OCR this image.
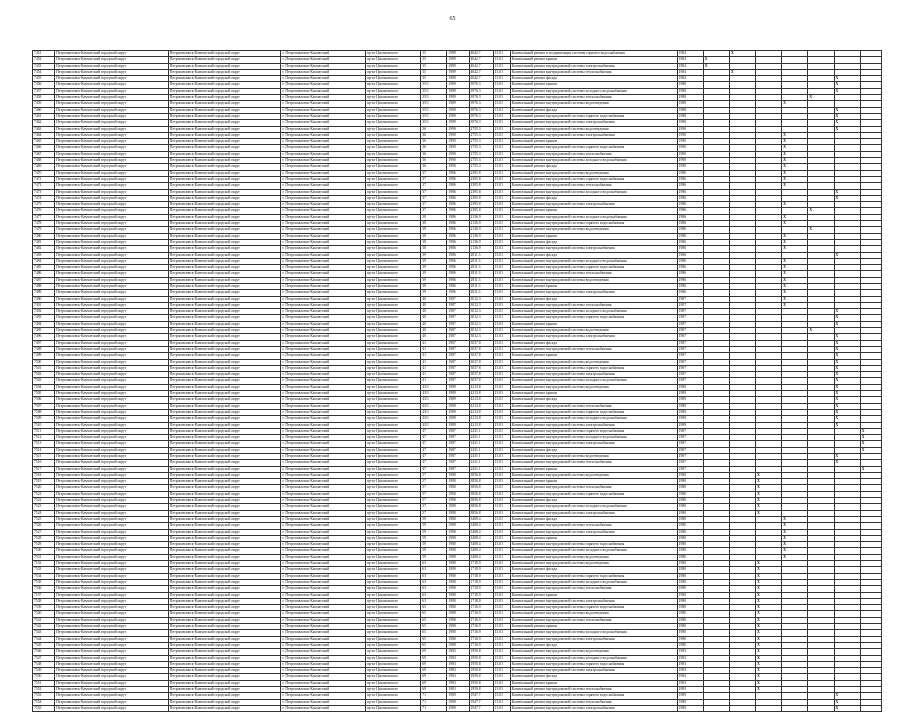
65
7451	Петропавловск-Камчатский городской округ	Петропавловск-Камчатский городской округ	г. Петропавловск-Камчатский	пр-кт Циолковского	35	1989	4042.7	13.01	Капитальный ремонт и модернизация системы горячего водоснабжения	1984		X					
7452	Петропавловск-Камчатский городской округ	Петропавловск-Камчатский городской округ	г. Петропавловск-Камчатский	пр-кт Циолковского	35	1989	4042.7	13.01	Капитальный ремонт крыши	1984	X						
7453	Петропавловск-Камчатский городской округ	Петропавловск-Камчатский городской округ	г. Петропавловск-Камчатский	пр-кт Циолковского	35	1989	4042.7	13.01	Капитальный ремонт внутридомовой системы электроснабжения	1984	X						
7454	Петропавловск-Камчатский городской округ	Петропавловск-Камчатский городской округ	г. Петропавловск-Камчатский	пр-кт Циолковского	35	1989	4042.7	13.01	Капитальный ремонт внутридомовой системы теплоснабжения	1984		X					
7455	Петропавловск-Камчатский городской округ	Петропавловск-Камчатский городской округ	г. Петропавловск-Камчатский	пр-кт Циолковского	35	1989	4042.7	13.01	Капитальный ремонт фасада	1984						X	
7456	Петропавловск-Камчатский городской округ	Петропавловск-Камчатский городской округ	г. Петропавловск-Камчатский	пр-кт Циолковского	35/1	1989	3976.3	13.01	Капитальный ремонт крыши	1988						X	
7457	Петропавловск-Камчатский городской округ	Петропавловск-Камчатский городской округ	г. Петропавловск-Камчатский	пр-кт Циолковского	35/1	1989	3976.3	13.01	Капитальный ремонт внутридомовой системы холодного водоснабжения	1988						X	
7458	Петропавловск-Камчатский городской округ	Петропавловск-Камчатский городской округ	г. Петропавловск-Камчатский	пр-кт Циолковского	35/1	1989	3976.3	13.01	Капитальный ремонт внутридомовой системы теплоснабжения	1988					X		
7459	Петропавловск-Камчатский городской округ	Петропавловск-Камчатский городской округ	г. Петропавловск-Камчатский	пр-кт Циолковского	35/1	1989	3976.3	13.01	Капитальный ремонт внутридомовой системы водоотведения	1988				X			
7460	Петропавловск-Камчатский городской округ	Петропавловск-Камчатский городской округ	г. Петропавловск-Камчатский	пр-кт Циолковского	35/1	1989	3976.3	13.01	Капитальный ремонт фасада	1988						X	
7461	Петропавловск-Камчатский городской округ	Петропавловск-Камчатский городской округ	г. Петропавловск-Камчатский	пр-кт Циолковского	35/1	1989	3976.3	13.01	Капитальный ремонт внутридомовой системы горячего водоснабжения	1988						X	
7462	Петропавловск-Камчатский городской округ	Петропавловск-Камчатский городской округ	г. Петропавловск-Камчатский	пр-кт Циолковского	35/1	1989	3976.3	13.01	Капитальный ремонт внутридомовой системы электроснабжения	1988						X	
7463	Петропавловск-Камчатский городской округ	Петропавловск-Камчатский городской округ	г. Петропавловск-Камчатский	пр-кт Циолковского	36	1990	2755.3	13.01	Капитальный ремонт внутридомовой системы водоотведения	1990						X	
7464	Петропавловск-Камчатский городской округ	Петропавловск-Камчатский городской округ	г. Петропавловск-Камчатский	пр-кт Циолковского	36	1990	2755.3	13.01	Капитальный ремонт внутридомовой системы электроснабжения	1990				X			
7465	Петропавловск-Камчатский городской округ	Петропавловск-Камчатский городской округ	г. Петропавловск-Камчатский	пр-кт Циолковского	36	1990	2755.3	13.01	Капитальный ремонт крыши	1990				X			
7466	Петропавловск-Камчатский городской округ	Петропавловск-Камчатский городской округ	г. Петропавловск-Камчатский	пр-кт Циолковского	36	1990	2755.3	13.01	Капитальный ремонт внутридомовой системы горячего водоснабжения	1990				X			
7467	Петропавловск-Камчатский городской округ	Петропавловск-Камчатский городской округ	г. Петропавловск-Камчатский	пр-кт Циолковского	36	1990	2755.3	13.01	Капитальный ремонт внутридомовой системы теплоснабжения	1990				X			
7468	Петропавловск-Камчатский городской округ	Петропавловск-Камчатский городской округ	г. Петропавловск-Камчатский	пр-кт Циолковского	36	1990	2755.3	13.01	Капитальный ремонт внутридомовой системы холодного водоснабжения	1990				X			
7469	Петропавловск-Камчатский городской округ	Петропавловск-Камчатский городской округ	г. Петропавловск-Камчатский	пр-кт Циолковского	36	1990	2755.3	13.01	Капитальный ремонт фасада	1990				X			
7470	Петропавловск-Камчатский городской округ	Петропавловск-Камчатский городской округ	г. Петропавловск-Камчатский	пр-кт Циолковского	37	1986	2395.8	13.01	Капитальный ремонт внутридомовой системы водоотведения	1986				X			
7471	Петропавловск-Камчатский городской округ	Петропавловск-Камчатский городской округ	г. Петропавловск-Камчатский	пр-кт Циолковского	37	1986	2395.8	13.01	Капитальный ремонт внутридомовой системы горячего водоснабжения	1986				X			
7472	Петропавловск-Камчатский городской округ	Петропавловск-Камчатский городской округ	г. Петропавловск-Камчатский	пр-кт Циолковского	37	1986	2395.8	13.01	Капитальный ремонт внутридомовой системы теплоснабжения	1986				X			
7473	Петропавловск-Камчатский городской округ	Петропавловск-Камчатский городской округ	г. Петропавловск-Камчатский	пр-кт Циолковского	37	1986	2395.8	13.01	Капитальный ремонт внутридомовой системы холодного водоснабжения	1986						X	
7474	Петропавловск-Камчатский городской округ	Петропавловск-Камчатский городской округ	г. Петропавловск-Камчатский	пр-кт Циолковского	37	1986	2395.8	13.01	Капитальный ремонт фасада	1986						X	
7475	Петропавловск-Камчатский городской округ	Петропавловск-Камчатский городской округ	г. Петропавловск-Камчатский	пр-кт Циолковского	37	1986	2395.8	13.01	Капитальный ремонт внутридомовой системы электроснабжения	1986				X			
7476	Петропавловск-Камчатский городской округ	Петропавловск-Камчатский городской округ	г. Петропавловск-Камчатский	пр-кт Циолковского	37	1986	2395.8	13.01	Капитальный ремонт крыши	1986					X		
7477	Петропавловск-Камчатский городской округ	Петропавловск-Камчатский городской округ	г. Петропавловск-Камчатский	пр-кт Циолковского	38	1986	2136.9	13.01	Капитальный ремонт внутридомовой системы холодного водоснабжения	1986				X			
7478	Петропавловск-Камчатский городской округ	Петропавловск-Камчатский городской округ	г. Петропавловск-Камчатский	пр-кт Циолковского	38	1986	2136.9	13.01	Капитальный ремонт внутридомовой системы горячего водоснабжения	1986				X			
7479	Петропавловск-Камчатский городской округ	Петропавловск-Камчатский городской округ	г. Петропавловск-Камчатский	пр-кт Циолковского	38	1986	2136.9	13.01	Капитальный ремонт внутридомовой системы водоотведения	1986					X		
7480	Петропавловск-Камчатский городской округ	Петропавловск-Камчатский городской округ	г. Петропавловск-Камчатский	пр-кт Циолковского	38	1986	2136.9	13.01	Капитальный ремонт крыши	1986				X			
7481	Петропавловск-Камчатский городской округ	Петропавловск-Камчатский городской округ	г. Петропавловск-Камчатский	пр-кт Циолковского	38	1986	2136.9	13.01	Капитальный ремонт фасада	1986				X			
7482	Петропавловск-Камчатский городской округ	Петропавловск-Камчатский городской округ	г. Петропавловск-Камчатский	пр-кт Циолковского	38	1986	2136.9	13.01	Капитальный ремонт внутридомовой системы электроснабжения	1986				X			
7483	Петропавловск-Камчатский городской округ	Петропавловск-Камчатский городской округ	г. Петропавловск-Камчатский	пр-кт Циолковского	39	1986	2811.3	13.01	Капитальный ремонт фасада	1986						X	
7484	Петропавловск-Камчатский городской округ	Петропавловск-Камчатский городской округ	г. Петропавловск-Камчатский	пр-кт Циолковского	39	1986	2811.3	13.01	Капитальный ремонт внутридомовой системы холодного водоснабжения	1986				X			
7485	Петропавловск-Камчатский городской округ	Петропавловск-Камчатский городской округ	г. Петропавловск-Камчатский	пр-кт Циолковского	39	1986	2811.3	13.01	Капитальный ремонт внутридомовой системы горячего водоснабжения	1986				X			
7486	Петропавловск-Камчатский городской округ	Петропавловск-Камчатский городской округ	г. Петропавловск-Камчатский	пр-кт Циолковского	39	1986	2811.3	13.01	Капитальный ремонт внутридомовой системы теплоснабжения	1986				X			
7487	Петропавловск-Камчатский городской округ	Петропавловск-Камчатский городской округ	г. Петропавловск-Камчатский	пр-кт Циолковского	39	1986	2811.3	13.01	Капитальный ремонт внутридомовой системы водоотведения	1986				X			
7488	Петропавловск-Камчатский городской округ	Петропавловск-Камчатский городской округ	г. Петропавловск-Камчатский	пр-кт Циолковского	39	1986	2811.3	13.01	Капитальный ремонт крыши	1986				X			
7489	Петропавловск-Камчатский городской округ	Петропавловск-Камчатский городской округ	г. Петропавловск-Камчатский	пр-кт Циолковского	39	1986	2811.3	13.01	Капитальный ремонт внутридомовой системы электроснабжения	1986				X			
7490	Петропавловск-Камчатский городской округ	Петропавловск-Камчатский городской округ	г. Петропавловск-Камчатский	пр-кт Циолковского	40	1987	3012.3	13.01	Капитальный ремонт фасада	1987				X			
7491	Петропавловск-Камчатский городской округ	Петропавловск-Камчатский городской округ	г. Петропавловск-Камчатский	пр-кт Циолковского	40	1987	3012.3	13.01	Капитальный ремонт внутридомовой системы теплоснабжения	1987				X			
7492	Петропавловск-Камчатский городской округ	Петропавловск-Камчатский городской округ	г. Петропавловск-Камчатский	пр-кт Циолковского	40	1987	3012.3	13.01	Капитальный ремонт внутридомовой системы холодного водоснабжения	1987						X	
7493	Петропавловск-Камчатский городской округ	Петропавловск-Камчатский городской округ	г. Петропавловск-Камчатский	пр-кт Циолковского	40	1987	3012.3	13.01	Капитальный ремонт внутридомовой системы горячего водоснабжения	1987						X	
7494	Петропавловск-Камчатский городской округ	Петропавловск-Камчатский городской округ	г. Петропавловск-Камчатский	пр-кт Циолковского	40	1987	3012.3	13.01	Капитальный ремонт крыши	1987						X	
7495	Петропавловск-Камчатский городской округ	Петропавловск-Камчатский городской округ	г. Петропавловск-Камчатский	пр-кт Циолковского	40	1987	3012.3	13.01	Капитальный ремонт внутридомовой системы водоотведения	1987					X		
7496	Петропавловск-Камчатский городской округ	Петропавловск-Камчатский городской округ	г. Петропавловск-Камчатский	пр-кт Циолковского	40	1987	3012.3	13.01	Капитальный ремонт внутридомовой системы электроснабжения	1987						X	
7497	Петропавловск-Камчатский городской округ	Петропавловск-Камчатский городской округ	г. Петропавловск-Камчатский	пр-кт Циолковского	41	1987	3037.8	13.01	Капитальный ремонт фасада	1987						X	
7498	Петропавловск-Камчатский городской округ	Петропавловск-Камчатский городской округ	г. Петропавловск-Камчатский	пр-кт Циолковского	41	1987	3037.8	13.01	Капитальный ремонт внутридомовой системы теплоснабжения	1987						X	
7499	Петропавловск-Камчатский городской округ	Петропавловск-Камчатский городской округ	г. Петропавловск-Камчатский	пр-кт Циолковского	41	1987	3037.8	13.01	Капитальный ремонт крыши	1987						X	
7500	Петропавловск-Камчатский городской округ	Петропавловск-Камчатский городской округ	г. Петропавловск-Камчатский	пр-кт Циолковского	41	1987	3037.8	13.01	Капитальный ремонт внутридомовой системы водоотведения	1987						X	
7501	Петропавловск-Камчатский городской округ	Петропавловск-Камчатский городской округ	г. Петропавловск-Камчатский	пр-кт Циолковского	41	1987	3037.8	13.01	Капитальный ремонт внутридомовой системы горячего водоснабжения	1987						X	
7502	Петропавловск-Камчатский городской округ	Петропавловск-Камчатский городской округ	г. Петропавловск-Камчатский	пр-кт Циолковского	41	1987	3037.8	13.01	Капитальный ремонт внутридомовой системы электроснабжения	1987						X	
7503	Петропавловск-Камчатский городской округ	Петропавловск-Камчатский городской округ	г. Петропавловск-Камчатский	пр-кт Циолковского	41	1987	3037.8	13.01	Капитальный ремонт внутридомовой системы холодного водоснабжения	1987						X	
7504	Петропавловск-Камчатский городской округ	Петропавловск-Камчатский городской округ	г. Петропавловск-Камчатский	пр-кт Циолковского	43/1	1989	4213.8	13.01	Капитальный ремонт внутридомовой системы водоотведения	1989						X	
7505	Петропавловск-Камчатский городской округ	Петропавловск-Камчатский городской округ	г. Петропавловск-Камчатский	пр-кт Циолковского	43/1	1989	4213.8	13.01	Капитальный ремонт крыши	1989						X	
7506	Петропавловск-Камчатский городской округ	Петропавловск-Камчатский городской округ	г. Петропавловск-Камчатский	пр-кт Циолковского	43/1	1989	4213.8	13.01	Капитальный ремонт фасада	1989						X	
7507	Петропавловск-Камчатский городской округ	Петропавловск-Камчатский городской округ	г. Петропавловск-Камчатский	пр-кт Циолковского	43/1	1989	4213.8	13.01	Капитальный ремонт внутридомовой системы теплоснабжения	1989						X	
7508	Петропавловск-Камчатский городской округ	Петропавловск-Камчатский городской округ	г. Петропавловск-Камчатский	пр-кт Циолковского	43/1	1989	4213.8	13.01	Капитальный ремонт внутридомовой системы горячего водоснабжения	1989						X	
7509	Петропавловск-Камчатский городской округ	Петропавловск-Камчатский городской округ	г. Петропавловск-Камчатский	пр-кт Циолковского	43/1	1989	4213.8	13.01	Капитальный ремонт внутридомовой системы холодного водоснабжения	1989						X	
7510	Петропавловск-Камчатский городской округ	Петропавловск-Камчатский городской округ	г. Петропавловск-Камчатский	пр-кт Циолковского	43/1	1989	4213.8	13.01	Капитальный ремонт внутридомовой системы электроснабжения	1989						X	
7511	Петропавловск-Камчатский городской округ	Петропавловск-Камчатский городской округ	г. Петропавловск-Камчатский	пр-кт Циолковского	47	1987	2431.1	13.01	Капитальный ремонт внутридомовой системы горячего водоснабжения	1987							X
7512	Петропавловск-Камчатский городской округ	Петропавловск-Камчатский городской округ	г. Петропавловск-Камчатский	пр-кт Циолковского	47	1987	2431.1	13.01	Капитальный ремонт внутридомовой системы холодного водоснабжения	1987							X
7513	Петропавловск-Камчатский городской округ	Петропавловск-Камчатский городской округ	г. Петропавловск-Камчатский	пр-кт Циолковского	47	1987	2431.1	13.01	Капитальный ремонт внутридомовой системы электроснабжения	1987							X
7514	Петропавловск-Камчатский городской округ	Петропавловск-Камчатский городской округ	г. Петропавловск-Камчатский	пр-кт Циолковского	47	1987	2431.1	13.01	Капитальный ремонт фасада	1987							X
7515	Петропавловск-Камчатский городской округ	Петропавловск-Камчатский городской округ	г. Петропавловск-Камчатский	пр-кт Циолковского	47	1987	2431.1	13.01	Капитальный ремонт внутридомовой системы водоотведения	1987						X	
7516	Петропавловск-Камчатский городской округ	Петропавловск-Камчатский городской округ	г. Петропавловск-Камчатский	пр-кт Циолковского	47	1987	2431.1	13.01	Капитальный ремонт внутридомовой системы теплоснабжения	1987						X	
7517	Петропавловск-Камчатский городской округ	Петропавловск-Камчатский городской округ	г. Петропавловск-Камчатский	пр-кт Циолковского	47	1987	2431.1	13.01	Капитальный ремонт крыши	1987							X
7518	Петропавловск-Камчатский городской округ	Петропавловск-Камчатский городской округ	г. Петропавловск-Камчатский	пр-кт Циолковского	57	1980	3856.8	13.01	Капитальный ремонт внутридомовой системы водоотведения	1980			X				
7519	Петропавловск-Камчатский городской округ	Петропавловск-Камчатский городской округ	г. Петропавловск-Камчатский	пр-кт Циолковского	57	1980	3856.8	13.01	Капитальный ремонт крыши	1980			X				
7520	Петропавловск-Камчатский городской округ	Петропавловск-Камчатский городской округ	г. Петропавловск-Камчатский	пр-кт Циолковского	57	1980	3856.8	13.01	Капитальный ремонт внутридомовой системы теплоснабжения	1980			X				
7521	Петропавловск-Камчатский городской округ	Петропавловск-Камчатский городской округ	г. Петропавловск-Камчатский	пр-кт Циолковского	57	1980	3856.8	13.01	Капитальный ремонт внутридомовой системы горячего водоснабжения	1980			X				
7522	Петропавловск-Камчатский городской округ	Петропавловск-Камчатский городской округ	г. Петропавловск-Камчатский	пр-кт Циолковского	57	1980	3856.8	13.01	Капитальный ремонт фасада	1980			X				
7523	Петропавловск-Камчатский городской округ	Петропавловск-Камчатский городской округ	г. Петропавловск-Камчатский	пр-кт Циолковского	57	1980	3856.8	13.01	Капитальный ремонт внутридомовой системы холодного водоснабжения	1980			X				
7524	Петропавловск-Камчатский городской округ	Петропавловск-Камчатский городской округ	г. Петропавловск-Камчатский	пр-кт Циолковского	57	1980	3856.8	13.01	Капитальный ремонт внутридомовой системы электроснабжения	1980			X				
7525	Петропавловск-Камчатский городской округ	Петропавловск-Камчатский городской округ	г. Петропавловск-Камчатский	пр-кт Циолковского	59	1980	3408.4	13.01	Капитальный ремонт фасада	1980				X			
7526	Петропавловск-Камчатский городской округ	Петропавловск-Камчатский городской округ	г. Петропавловск-Камчатский	пр-кт Циолковского	59	1980	3408.4	13.01	Капитальный ремонт внутридомовой системы теплоснабжения	1980				X			
7527	Петропавловск-Камчатский городской округ	Петропавловск-Камчатский городской округ	г. Петропавловск-Камчатский	пр-кт Циолковского	59	1980	3408.4	13.01	Капитальный ремонт внутридомовой системы электроснабжения	1980				X			
7528	Петропавловск-Камчатский городской округ	Петропавловск-Камчатский городской округ	г. Петропавловск-Камчатский	пр-кт Циолковского	59	1980	3408.4	13.01	Капитальный ремонт крыши	1980				X			
7529	Петропавловск-Камчатский городской округ	Петропавловск-Камчатский городской округ	г. Петропавловск-Камчатский	пр-кт Циолковского	59	1980	3408.4	13.01	Капитальный ремонт внутридомовой системы горячего водоснабжения	1980				X			
7530	Петропавловск-Камчатский городской округ	Петропавловск-Камчатский городской округ	г. Петропавловск-Камчатский	пр-кт Циолковского	59	1980	3408.4	13.01	Капитальный ремонт внутридомовой системы холодного водоснабжения	1980				X			
7531	Петропавловск-Камчатский городской округ	Петропавловск-Камчатский городской округ	г. Петропавловск-Камчатский	пр-кт Циолковского	59	1980	3408.4	13.01	Капитальный ремонт внутридомовой системы водоотведения	1980				X			
7532	Петропавловск-Камчатский городской округ	Петропавловск-Камчатский городской округ	г. Петропавловск-Камчатский	пр-кт Циолковского	63	1980	1718.9	13.01	Капитальный ремонт внутридомовой системы водоотведения	1980			X				
7533	Петропавловск-Камчатский городской округ	Петропавловск-Камчатский городской округ	г. Петропавловск-Камчатский	пр-кт Циолковского	63	1980	1718.9	13.01	Капитальный ремонт фасада	1980			X				
7534	Петропавловск-Камчатский городской округ	Петропавловск-Камчатский городской округ	г. Петропавловск-Камчатский	пр-кт Циолковского	63	1980	1718.9	13.01	Капитальный ремонт внутридомовой системы горячего водоснабжения	1980			X				
7535	Петропавловск-Камчатский городской округ	Петропавловск-Камчатский городской округ	г. Петропавловск-Камчатский	пр-кт Циолковского	63	1980	1718.9	13.01	Капитальный ремонт внутридомовой системы холодного водоснабжения	1980			X				
7536	Петропавловск-Камчатский городской округ	Петропавловск-Камчатский городской округ	г. Петропавловск-Камчатский	пр-кт Циолковского	63	1980	1718.9	13.01	Капитальный ремонт внутридомовой системы теплоснабжения	1980			X				
7537	Петропавловск-Камчатский городской округ	Петропавловск-Камчатский городской округ	г. Петропавловск-Камчатский	пр-кт Циолковского	63	1980	1718.9	13.01	Капитальный ремонт крыши	1980			X				
7538	Петропавловск-Камчатский городской округ	Петропавловск-Камчатский городской округ	г. Петропавловск-Камчатский	пр-кт Циолковского	63	1980	1718.9	13.01	Капитальный ремонт внутридомовой системы электроснабжения	1980			X				
7539	Петропавловск-Камчатский городской округ	Петропавловск-Камчатский городской округ	г. Петропавловск-Камчатский	пр-кт Циолковского	65	1980	1716.9	13.01	Капитальный ремонт внутридомовой системы горячего водоснабжения	1980			X				
7540	Петропавловск-Камчатский городской округ	Петропавловск-Камчатский городской округ	г. Петропавловск-Камчатский	пр-кт Циолковского	65	1980	1716.9	13.01	Капитальный ремонт внутридомовой системы водоотведения	1980			X				
7541	Петропавловск-Камчатский городской округ	Петропавловск-Камчатский городской округ	г. Петропавловск-Камчатский	пр-кт Циолковского	65	1980	1716.9	13.01	Капитальный ремонт внутридомовой системы теплоснабжения	1980			X				
7542	Петропавловск-Камчатский городской округ	Петропавловск-Камчатский городской округ	г. Петропавловск-Камчатский	пр-кт Циолковского	65	1980	1716.9	13.01	Капитальный ремонт крыши	1980			X				
7543	Петропавловск-Камчатский городской округ	Петропавловск-Камчатский городской округ	г. Петропавловск-Камчатский	пр-кт Циолковского	65	1980	1716.9	13.01	Капитальный ремонт внутридомовой системы холодного водоснабжения	1980			X				
7544	Петропавловск-Камчатский городской округ	Петропавловск-Камчатский городской округ	г. Петропавловск-Камчатский	пр-кт Циолковского	65	1980	1716.9	13.01	Капитальный ремонт внутридомовой системы электроснабжения	1980			X				
7545	Петропавловск-Камчатский городской округ	Петропавловск-Камчатский городской округ	г. Петропавловск-Камчатский	пр-кт Циолковского	65	1980	1716.9	13.01	Капитальный ремонт фасада	1980			X				
7546	Петропавловск-Камчатский городской округ	Петропавловск-Камчатский городской округ	г. Петропавловск-Камчатский	пр-кт Циолковского	69	1983	1950.8	13.01	Капитальный ремонт внутридомовой системы водоотведения	1983			X				
7547	Петропавловск-Камчатский городской округ	Петропавловск-Камчатский городской округ	г. Петропавловск-Камчатский	пр-кт Циолковского	69	1983	1950.8	13.01	Капитальный ремонт внутридомовой системы холодного водоснабжения	1983			X				
7548	Петропавловск-Камчатский городской округ	Петропавловск-Камчатский городской округ	г. Петропавловск-Камчатский	пр-кт Циолковского	69	1983	1950.8	13.01	Капитальный ремонт внутридомовой системы горячего водоснабжения	1983			X				
7549	Петропавловск-Камчатский городской округ	Петропавловск-Камчатский городской округ	г. Петропавловск-Камчатский	пр-кт Циолковского	69	1983	1950.8	13.01	Капитальный ремонт внутридомовой системы электроснабжения	1983			X				
7550	Петропавловск-Камчатский городской округ	Петропавловск-Камчатский городской округ	г. Петропавловск-Камчатский	пр-кт Циолковского	69	1983	1950.8	13.01	Капитальный ремонт фасада	1983			X				
7551	Петропавловск-Камчатский городской округ	Петропавловск-Камчатский городской округ	г. Петропавловск-Камчатский	пр-кт Циолковского	69	1983	1950.8	13.01	Капитальный ремонт крыши	1983			X				
7552	Петропавловск-Камчатский городской округ	Петропавловск-Камчатский городской округ	г. Петропавловск-Камчатский	пр-кт Циолковского	69	1983	1950.8	13.01	Капитальный ремонт внутридомовой системы теплоснабжения	1983			X				
7553	Петропавловск-Камчатский городской округ	Петропавловск-Камчатский городской округ	г. Петропавловск-Камчатский	пр-кт Циолковского	71	1989	1947.7	13.01	Капитальный ремонт внутридомовой системы горячего водоснабжения	1989						X	
7554	Петропавловск-Камчатский городской округ	Петропавловск-Камчатский городской округ	г. Петропавловск-Камчатский	пр-кт Циолковского	71	1989	1947.7	13.01	Капитальный ремонт внутридомовой системы теплоснабжения	1989						X	
7555	Петропавловск-Камчатский городской округ	Петропавловск-Камчатский городской округ	г. Петропавловск-Камчатский	пр-кт Циолковского	71	1989	1947.7	13.01	Капитальный ремонт внутридомовой системы электроснабжения	1989						X	
